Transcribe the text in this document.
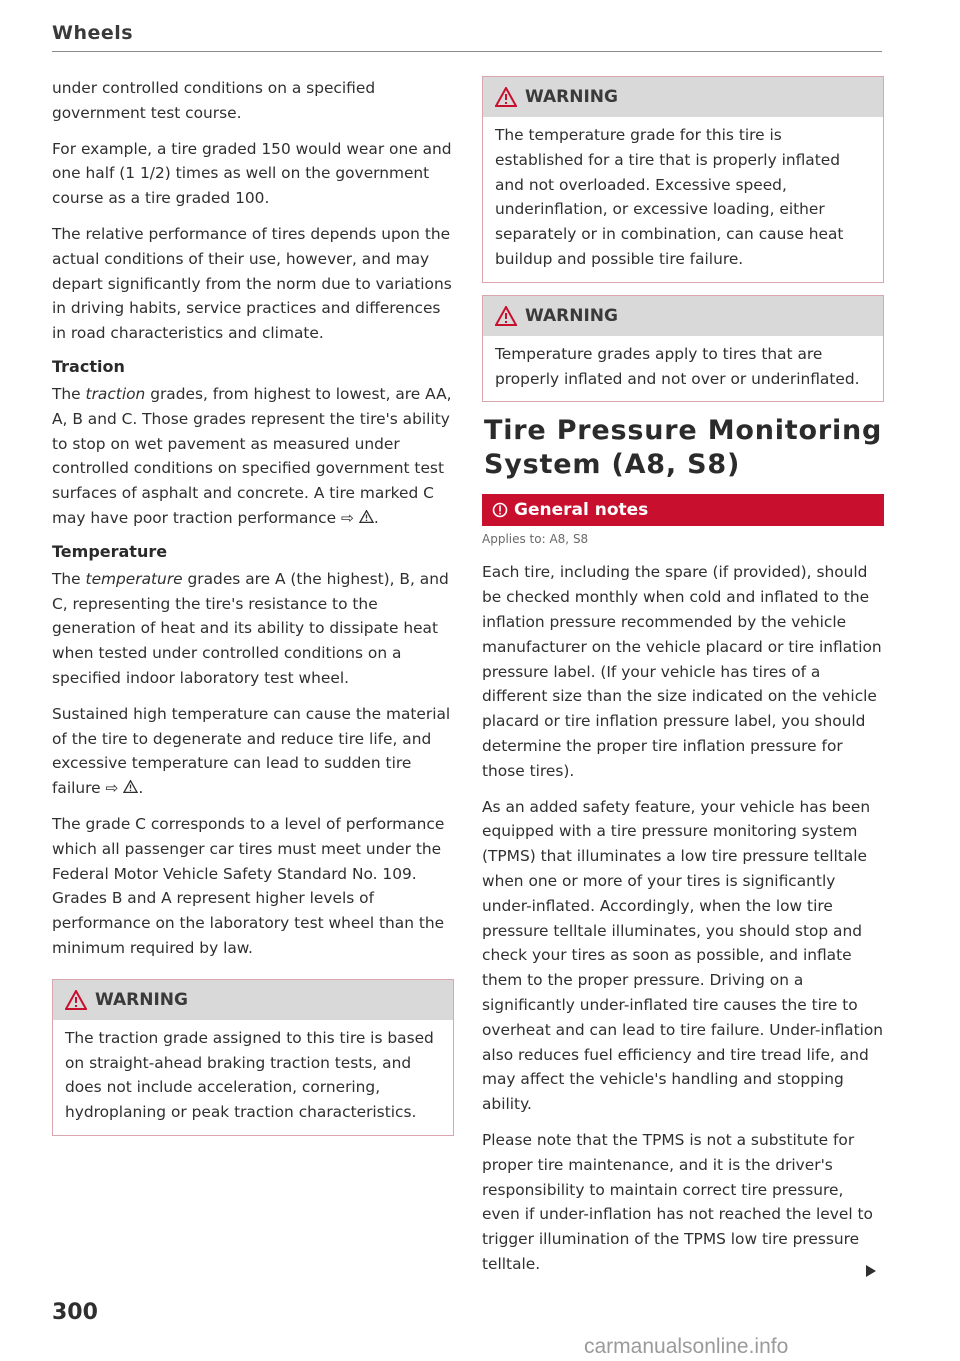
Wheels

under controlled conditions on a specified government test course.

For example, a tire graded 150 would wear one and one half (1 1/2) times as well on the government course as a tire graded 100.

The relative performance of tires depends upon the actual conditions of their use, however, and may depart significantly from the norm due to variations in driving habits, service practices and differences in road characteristics and climate.

Traction

The traction grades, from highest to lowest, are AA, A, B and C. Those grades represent the tire's ability to stop on wet pavement as measured under controlled conditions on specified government test surfaces of asphalt and concrete. A tire marked C may have poor traction performance ⇨ .

Temperature

The temperature grades are A (the highest), B, and C, representing the tire's resistance to the generation of heat and its ability to dissipate heat when tested under controlled conditions on a specified indoor laboratory test wheel.

Sustained high temperature can cause the material of the tire to degenerate and reduce tire life, and excessive temperature can lead to sudden tire failure ⇨ .

The grade C corresponds to a level of performance which all passenger car tires must meet under the Federal Motor Vehicle Safety Standard No. 109. Grades B and A represent higher levels of performance on the laboratory test wheel than the minimum required by law.

WARNING

The traction grade assigned to this tire is based on straight-ahead braking traction tests, and does not include acceleration, cornering, hydroplaning or peak traction characteristics.

WARNING

The temperature grade for this tire is established for a tire that is properly inflated and not overloaded. Excessive speed, underinflation, or excessive loading, either separately or in combination, can cause heat buildup and possible tire failure.

WARNING

Temperature grades apply to tires that are properly inflated and not over or underinflated.

Tire Pressure Monitoring System (A8, S8)
General notes
Applies to: A8, S8

Each tire, including the spare (if provided), should be checked monthly when cold and inflated to the inflation pressure recommended by the vehicle manufacturer on the vehicle placard or tire inflation pressure label. (If your vehicle has tires of a different size than the size indicated on the vehicle placard or tire inflation pressure label, you should determine the proper tire inflation pressure for those tires).

As an added safety feature, your vehicle has been equipped with a tire pressure monitoring system (TPMS) that illuminates a low tire pressure telltale when one or more of your tires is significantly under-inflated. Accordingly, when the low tire pressure telltale illuminates, you should stop and check your tires as soon as possible, and inflate them to the proper pressure. Driving on a significantly under-inflated tire causes the tire to overheat and can lead to tire failure. Under-inflation also reduces fuel efficiency and tire tread life, and may affect the vehicle's handling and stopping ability.

Please note that the TPMS is not a substitute for proper tire maintenance, and it is the driver's responsibility to maintain correct tire pressure, even if under-inflation has not reached the level to trigger illumination of the TPMS low tire pressure telltale.

300
carmanualsonline.info
